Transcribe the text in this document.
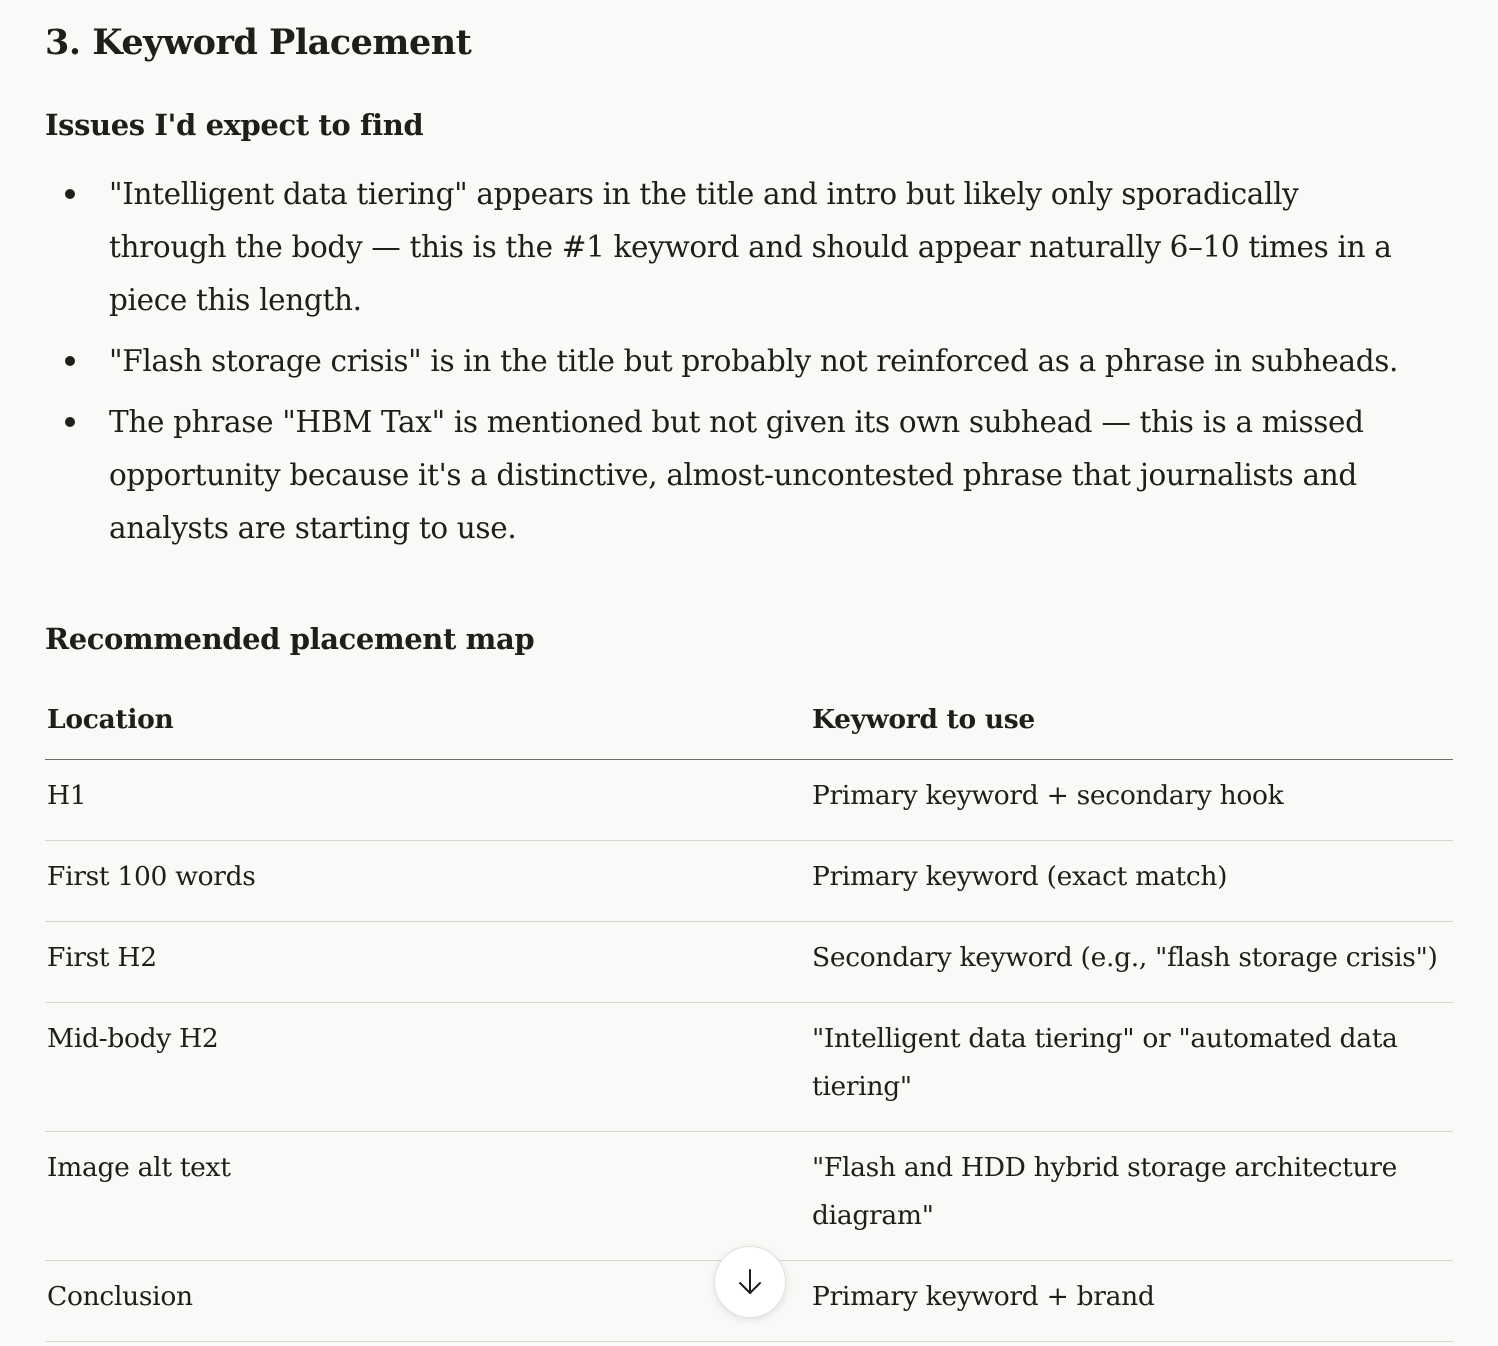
3. Keyword Placement
Issues I'd expect to find
"Intelligent data tiering" appears in the title and intro but likely only sporadically through the body — this is the #1 keyword and should appear naturally 6–10 times in a piece this length.
"Flash storage crisis" is in the title but probably not reinforced as a phrase in subheads.
The phrase "HBM Tax" is mentioned but not given its own subhead — this is a missed opportunity because it's a distinctive, almost-uncontested phrase that journalists and analysts are starting to use.
Recommended placement map
Location	Keyword to use

H1	Primary keyword + secondary hook

First 100 words	Primary keyword (exact match)

First H2	Secondary keyword (e.g., "flash storage crisis")

Mid-body H2	"Intelligent data tiering" or "automated data tiering"

Image alt text	"Flash and HDD hybrid storage architecture diagram"

Conclusion	Primary keyword + brand
